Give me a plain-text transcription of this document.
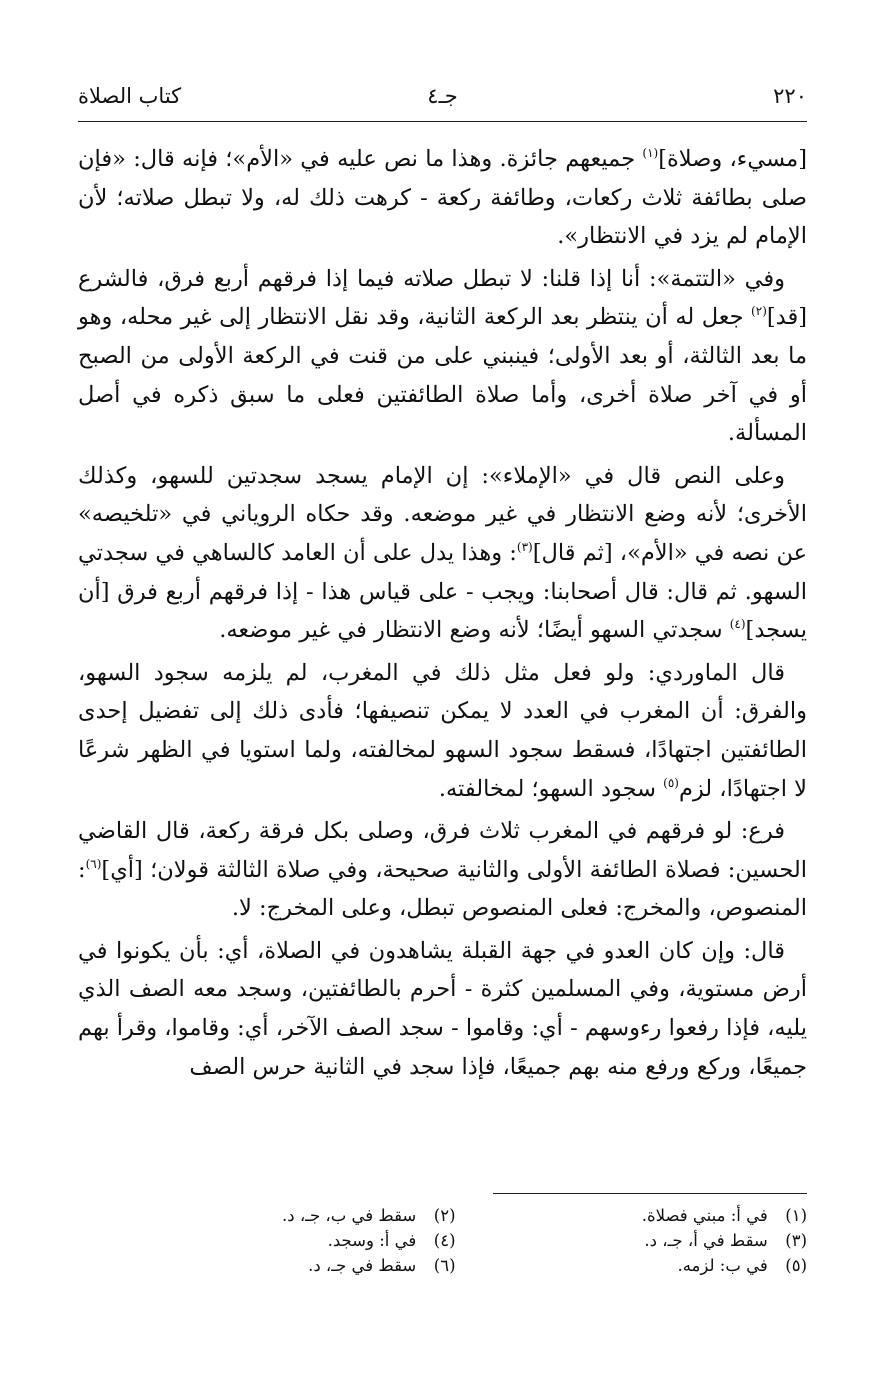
٢٢٠
جـ٤
كتاب الصلاة

[مسيء، وصلاة]$^{(١)}$ جميعهم جائزة. وهذا ما نص عليه في «الأم»؛ فإنه قال: «فإن صلى بطائفة ثلاث ركعات، وطائفة ركعة - كرهت ذلك له، ولا تبطل صلاته؛ لأن الإمام لم يزد في الانتظار».

وفي «التتمة»: أنا إذا قلنا: لا تبطل صلاته فيما إذا فرقهم أربع فرق، فالشرع [قد]$^{(٢)}$ جعل له أن ينتظر بعد الركعة الثانية، وقد نقل الانتظار إلى غير محله، وهو ما بعد الثالثة، أو بعد الأولى؛ فينبني على من قنت في الركعة الأولى من الصبح أو في آخر صلاة أخرى، وأما صلاة الطائفتين فعلى ما سبق ذكره في أصل المسألة.

وعلى النص قال في «الإملاء»: إن الإمام يسجد سجدتين للسهو، وكذلك الأخرى؛ لأنه وضع الانتظار في غير موضعه. وقد حكاه الروياني في «تلخيصه» عن نصه في «الأم»، [ثم قال]$^{(٣)}$: وهذا يدل على أن العامد كالساهي في سجدتي السهو. ثم قال: قال أصحابنا: ويجب - على قياس هذا - إذا فرقهم أربع فرق [أن يسجد]$^{(٤)}$ سجدتي السهو أيضًا؛ لأنه وضع الانتظار في غير موضعه.

قال الماوردي: ولو فعل مثل ذلك في المغرب، لم يلزمه سجود السهو، والفرق: أن المغرب في العدد لا يمكن تنصيفها؛ فأدى ذلك إلى تفضيل إحدى الطائفتين اجتهادًا، فسقط سجود السهو لمخالفته، ولما استويا في الظهر شرعًا لا اجتهادًا، لزم$^{(٥)}$ سجود السهو؛ لمخالفته.

فرع: لو فرقهم في المغرب ثلاث فرق، وصلى بكل فرقة ركعة، قال القاضي الحسين: فصلاة الطائفة الأولى والثانية صحيحة، وفي صلاة الثالثة قولان؛ [أي]$^{(٦)}$: المنصوص، والمخرج: فعلى المنصوص تبطل، وعلى المخرج: لا.

قال: وإن كان العدو في جهة القبلة يشاهدون في الصلاة، أي: بأن يكونوا في أرض مستوية، وفي المسلمين كثرة - أحرم بالطائفتين، وسجد معه الصف الذي يليه، فإذا رفعوا رءوسهم - أي: وقاموا - سجد الصف الآخر، أي: وقاموا، وقرأ بهم جميعًا، وركع ورفع منه بهم جميعًا، فإذا سجد في الثانية حرس الصف

(١) في أ: مبني فصلاة.
(٢) سقط في ب، جـ، د.
(٣) سقط في أ، جـ، د.
(٤) في أ: وسجد.
(٥) في ب: لزمه.
(٦) سقط في جـ، د.
